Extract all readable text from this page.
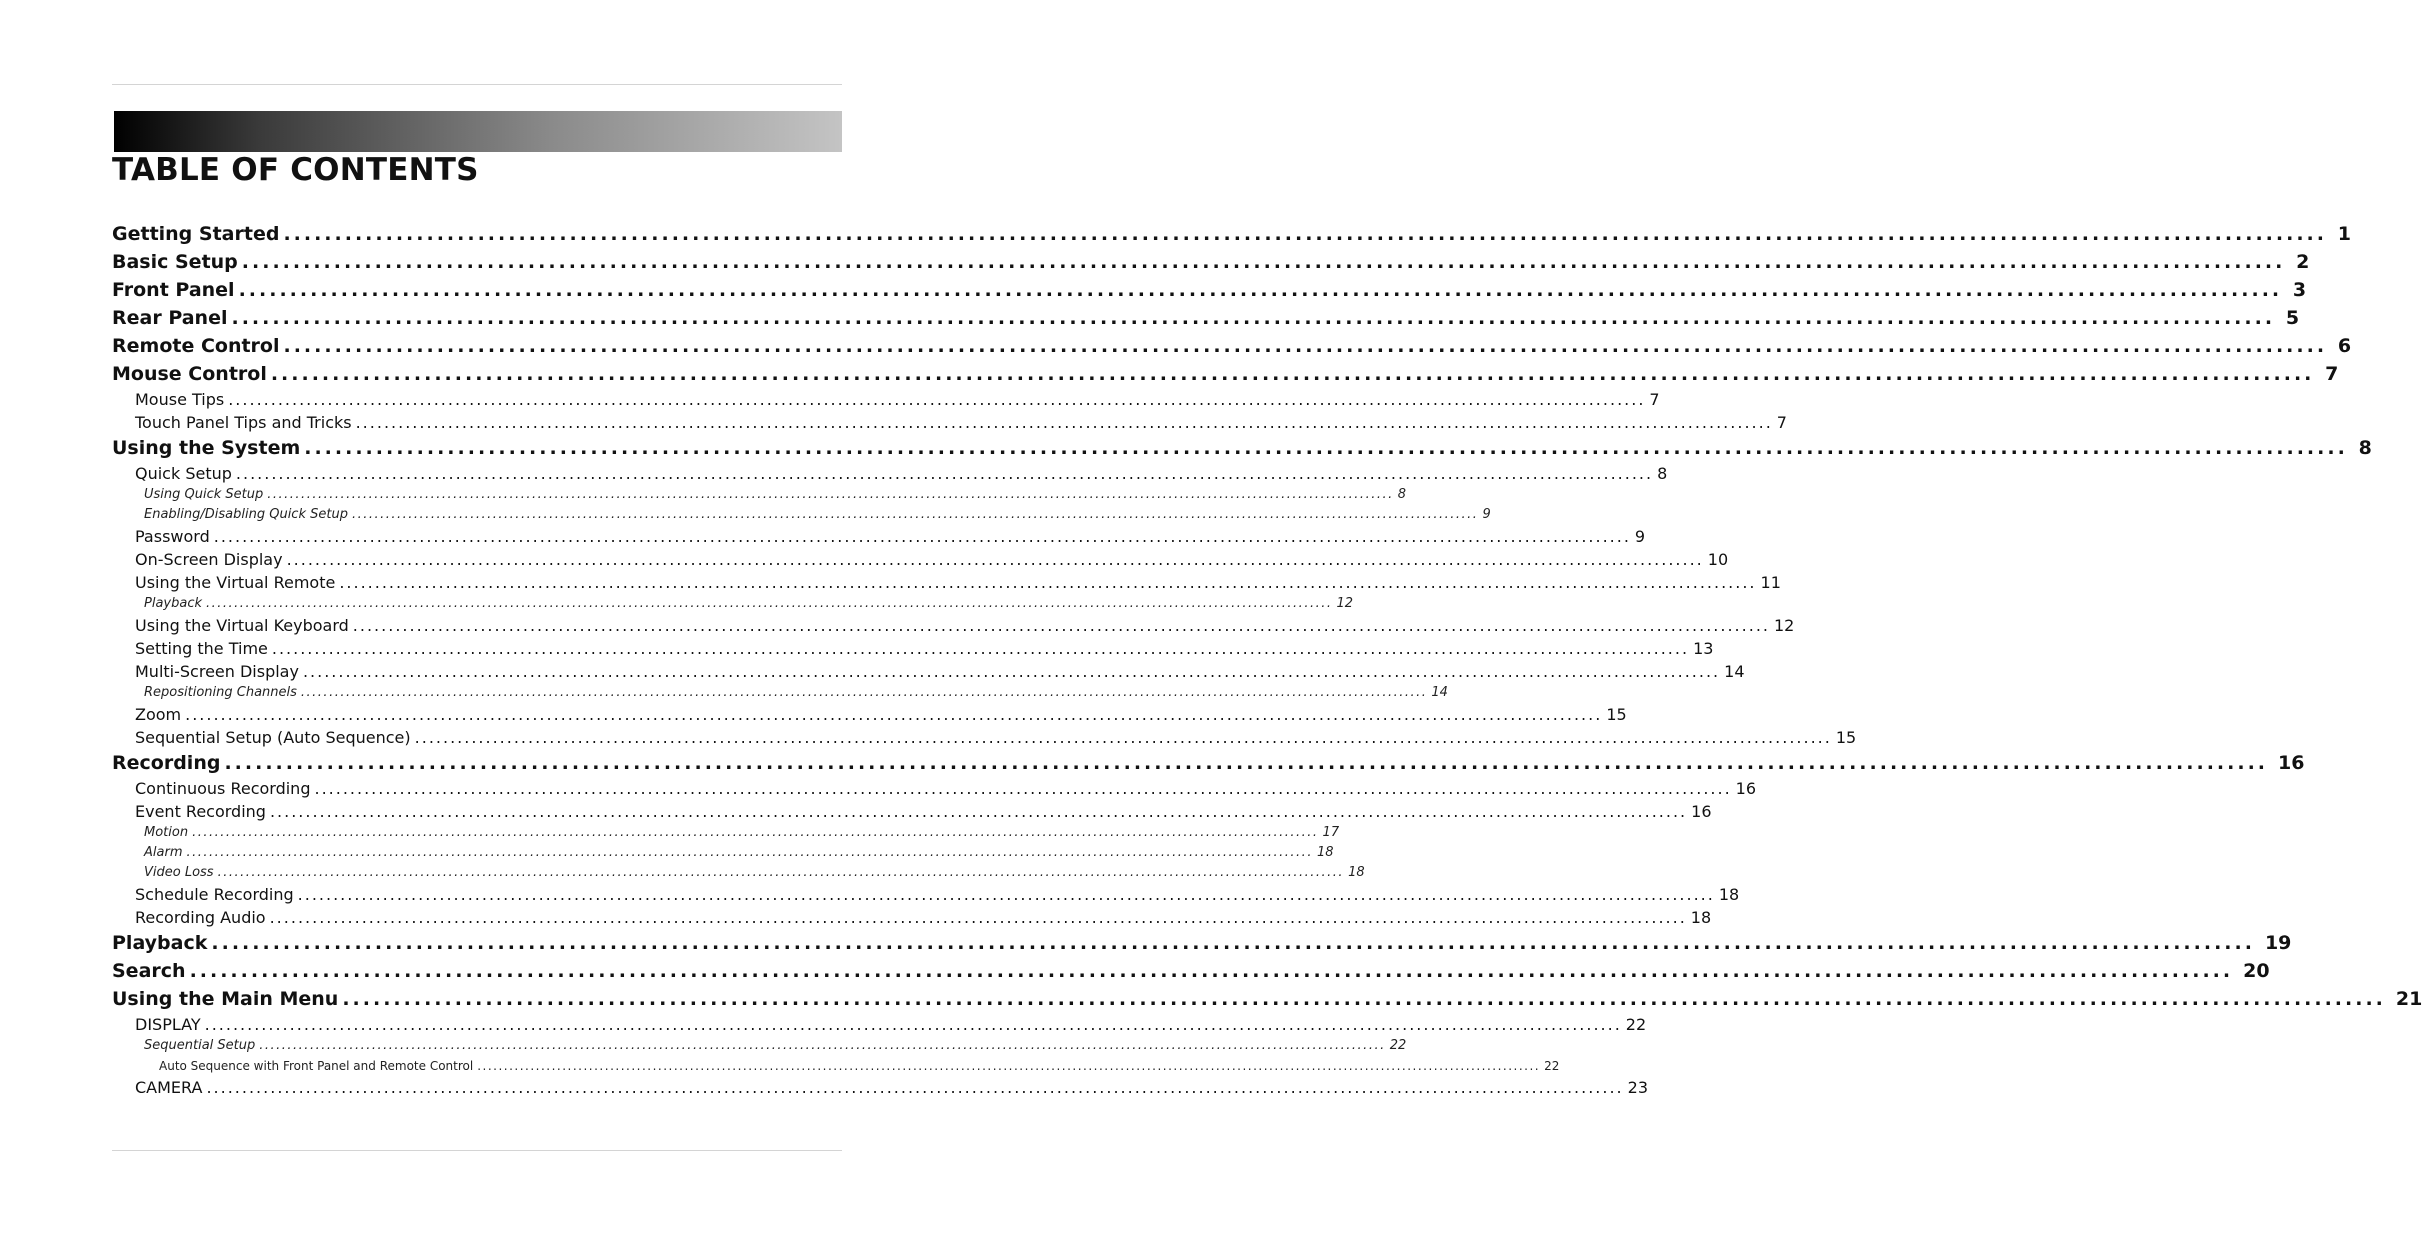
TABLE OF CONTENTS
Getting Started ........................................................................................................................................................................................................ 1
Basic Setup ........................................................................................................................................................................................................ 2
Front Panel ........................................................................................................................................................................................................ 3
Rear Panel ........................................................................................................................................................................................................ 5
Remote Control ........................................................................................................................................................................................................ 6
Mouse Control ........................................................................................................................................................................................................ 7
Mouse Tips ........................................................................................................................................................................................................ 7
Touch Panel Tips and Tricks ........................................................................................................................................................................................................ 7
Using the System ........................................................................................................................................................................................................ 8
Quick Setup ........................................................................................................................................................................................................ 8
Using Quick Setup ........................................................................................................................................................................................................ 8
Enabling/Disabling Quick Setup ........................................................................................................................................................................................................ 9
Password ........................................................................................................................................................................................................ 9
On-Screen Display ........................................................................................................................................................................................................ 10
Using the Virtual Remote ........................................................................................................................................................................................................ 11
Playback ........................................................................................................................................................................................................ 12
Using the Virtual Keyboard ........................................................................................................................................................................................................ 12
Setting the Time ........................................................................................................................................................................................................ 13
Multi-Screen Display ........................................................................................................................................................................................................ 14
Repositioning Channels ........................................................................................................................................................................................................ 14
Zoom ........................................................................................................................................................................................................ 15
Sequential Setup (Auto Sequence) ........................................................................................................................................................................................................ 15
Recording ........................................................................................................................................................................................................ 16
Continuous Recording ........................................................................................................................................................................................................ 16
Event Recording ........................................................................................................................................................................................................ 16
Motion ........................................................................................................................................................................................................ 17
Alarm ........................................................................................................................................................................................................ 18
Video Loss ........................................................................................................................................................................................................ 18
Schedule Recording ........................................................................................................................................................................................................ 18
Recording Audio ........................................................................................................................................................................................................ 18
Playback ........................................................................................................................................................................................................ 19
Search ........................................................................................................................................................................................................ 20
Using the Main Menu ........................................................................................................................................................................................................ 21
DISPLAY ........................................................................................................................................................................................................ 22
Sequential Setup ........................................................................................................................................................................................................ 22
Auto Sequence with Front Panel and Remote Control ........................................................................................................................................................................................................ 22
CAMERA ........................................................................................................................................................................................................ 23
